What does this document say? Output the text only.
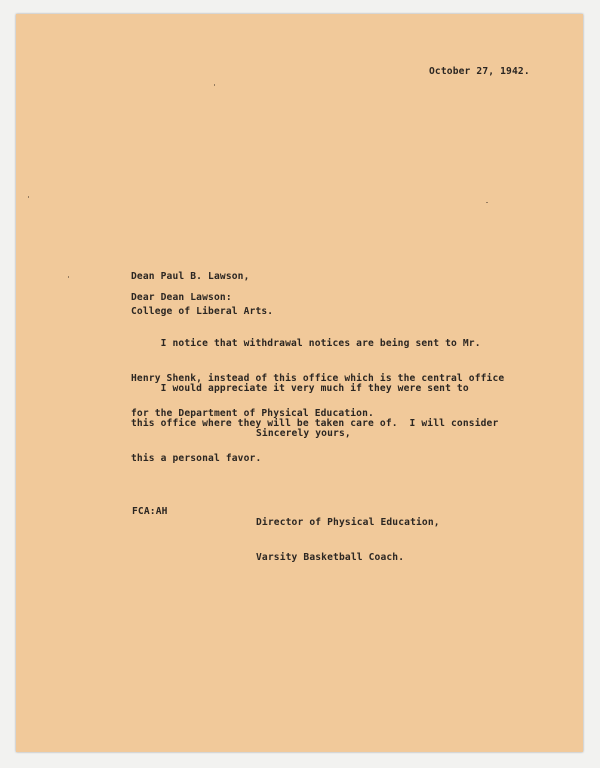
October 27, 1942.

Dean Paul B. Lawson,

College of Liberal Arts.

Dear Dean Lawson:

I notice that withdrawal notices are being sent to Mr.

Henry Shenk, instead of this office which is the central office

for the Department of Physical Education.

I would appreciate it very much if they were sent to

this office where they will be taken care of.  I will consider

this a personal favor.

Sincerely yours,

Director of Physical Education,

Varsity Basketball Coach.

FCA:AH
